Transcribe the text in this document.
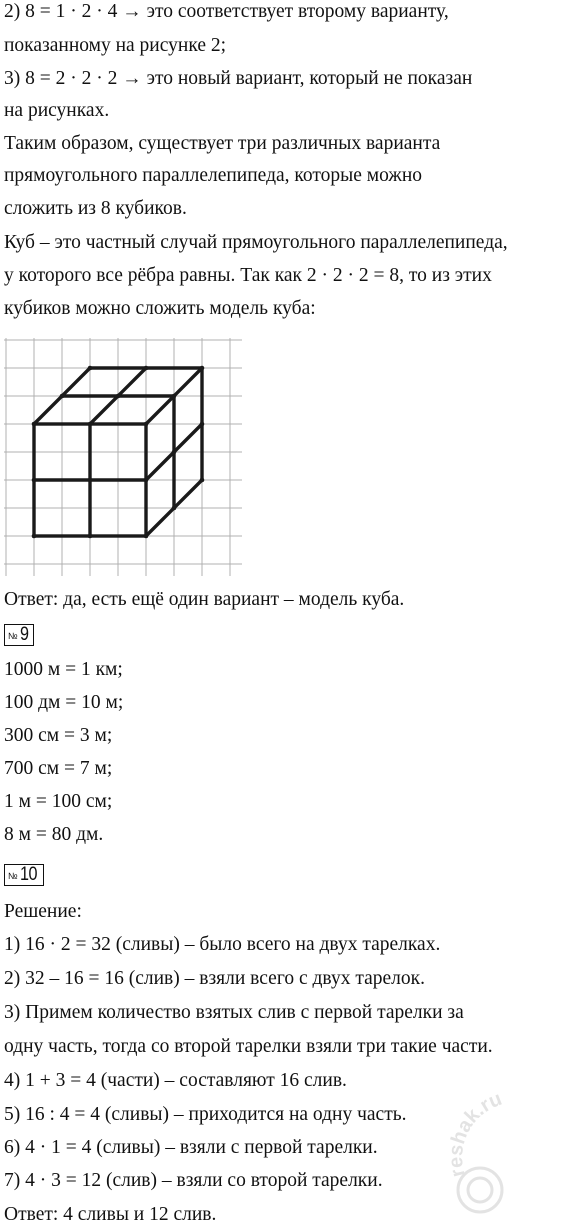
2) 8 = 1 · 2 · 4 → это соответствует второму варианту,
показанному на рисунке 2;
3) 8 = 2 · 2 · 2 → это новый вариант, который не показан
на рисунках.
Таким образом, существует три различных варианта
прямоугольного параллелепипеда, которые можно
сложить из 8 кубиков.
Куб – это частный случай прямоугольного параллелепипеда,
у которого все рёбра равны. Так как 2 · 2 · 2 = 8, то из этих
кубиков можно сложить модель куба:
Ответ: да, есть ещё один вариант – модель куба.
№ 9
1000 м = 1 км;
100 дм = 10 м;
300 см = 3 м;
700 см = 7 м;
1 м = 100 см;
8 м = 80 дм.
№ 10
Решение:
1) 16 · 2 = 32 (сливы) – было всего на двух тарелках.
2) 32 – 16 = 16 (слив) – взяли всего с двух тарелок.
3) Примем количество взятых слив с первой тарелки за
одну часть, тогда со второй тарелки взяли три такие части.
4) 1 + 3 = 4 (части) – составляют 16 слив.
5) 16 : 4 = 4 (сливы) – приходится на одну часть.
6) 4 · 1 = 4 (сливы) – взяли с первой тарелки.
7) 4 · 3 = 12 (слив) – взяли со второй тарелки.
Ответ: 4 сливы и 12 слив.
reshak.ru
